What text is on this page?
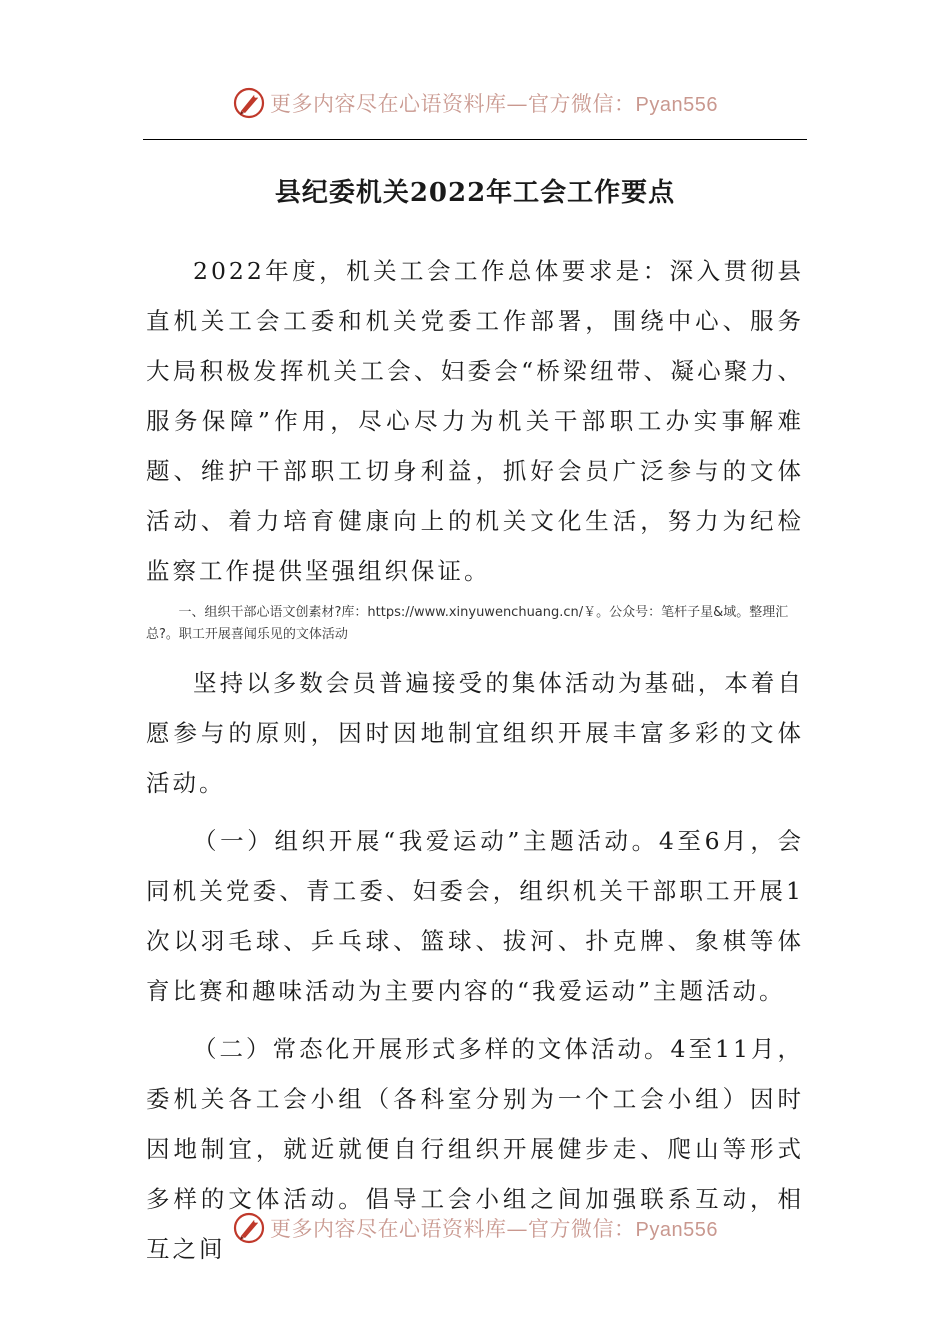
更多内容尽在心语资料库—官方微信：Pyan556
县纪委机关2022年工会工作要点

2022年度，机关工会工作总体要求是：深入贯彻县直机关工会工委和机关党委工作部署，围绕中心、服务大局积极发挥机关工会、妇委会“桥梁纽带、凝心聚力、服务保障”作用，尽心尽力为机关干部职工办实事解难题、维护干部职工切身利益，抓好会员广泛参与的文体活动、着力培育健康向上的机关文化生活，努力为纪检监察工作提供坚强组织保证。

一、组织干部心语文创素材?库：https://www.xinyuwenchuang.cn/￥。公众号：笔杆子星&域。整理汇总?。职工开展喜闻乐见的文体活动

坚持以多数会员普遍接受的集体活动为基础，本着自愿参与的原则，因时因地制宜组织开展丰富多彩的文体活动。

（一）组织开展“我爱运动”主题活动。4至6月，会同机关党委、青工委、妇委会，组织机关干部职工开展1次以羽毛球、乒乓球、篮球、拔河、扑克牌、象棋等体育比赛和趣味活动为主要内容的“我爱运动”主题活动。

（二）常态化开展形式多样的文体活动。4至11月，委机关各工会小组（各科室分别为一个工会小组）因时因地制宜，就近就便自行组织开展健步走、爬山等形式多样的文体活动。倡导工会小组之间加强联系互动，相互之间

更多内容尽在心语资料库—官方微信：Pyan556
